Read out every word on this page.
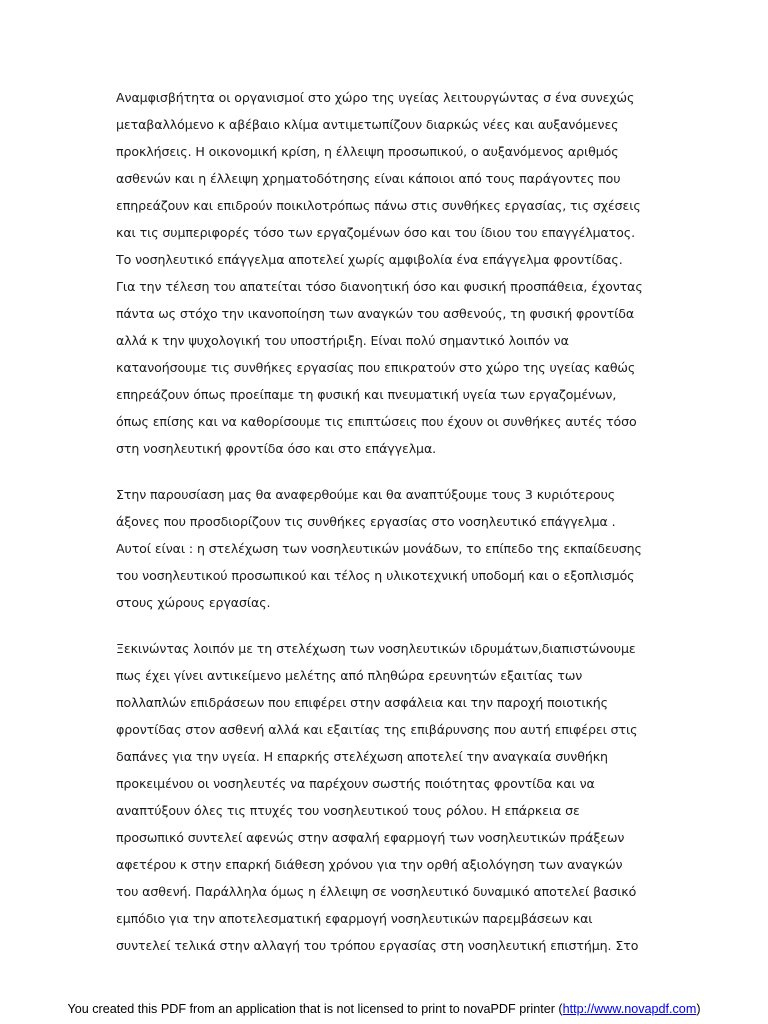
Αναμφισβήτητα οι οργανισμοί στο χώρο της υγείας λειτουργώντας σ ένα συνεχώς
μεταβαλλόμενο κ αβέβαιο κλίμα αντιμετωπίζουν διαρκώς νέες και αυξανόμενες
προκλήσεις. Η οικονομική κρίση, η έλλειψη προσωπικού, ο αυξανόμενος αριθμός
ασθενών και η έλλειψη χρηματοδότησης είναι κάποιοι από τους παράγοντες που
επηρεάζουν και επιδρούν ποικιλοτρόπως πάνω στις συνθήκες εργασίας, τις σχέσεις
και τις συμπεριφορές τόσο των εργαζομένων όσο και του ίδιου του επαγγέλματος.
Το νοσηλευτικό επάγγελμα αποτελεί χωρίς αμφιβολία ένα επάγγελμα φροντίδας.
Για την τέλεση του απατείται τόσο διανοητική όσο και φυσική προσπάθεια, έχοντας
πάντα ως στόχο την ικανοποίηση των αναγκών του ασθενούς, τη φυσική φροντίδα
αλλά κ την ψυχολογική του υποστήριξη. Είναι πολύ σημαντικό λοιπόν να
κατανοήσουμε τις συνθήκες εργασίας που επικρατούν στο χώρο της υγείας καθώς
επηρεάζουν όπως προείπαμε τη φυσική και πνευματική υγεία των εργαζομένων,
όπως επίσης και να καθορίσουμε τις επιπτώσεις που έχουν οι συνθήκες αυτές τόσο
στη νοσηλευτική φροντίδα όσο και στο επάγγελμα.
Στην παρουσίαση μας θα αναφερθούμε και θα αναπτύξουμε τους 3 κυριότερους
άξονες που προσδιορίζουν τις συνθήκες εργασίας στο νοσηλευτικό επάγγελμα .
Αυτοί είναι : η στελέχωση των νοσηλευτικών μονάδων, το επίπεδο της εκπαίδευσης
του νοσηλευτικού προσωπικού και τέλος η υλικοτεχνική υποδομή και ο εξοπλισμός
στους χώρους εργασίας.
Ξεκινώντας λοιπόν με τη στελέχωση των νοσηλευτικών ιδρυμάτων,διαπιστώνουμε
πως έχει γίνει αντικείμενο μελέτης από πληθώρα ερευνητών εξαιτίας των
πολλαπλών επιδράσεων που επιφέρει στην ασφάλεια και την παροχή ποιοτικής
φροντίδας στον ασθενή αλλά και εξαιτίας της επιβάρυνσης που αυτή επιφέρει στις
δαπάνες για την υγεία. Η επαρκής στελέχωση αποτελεί την αναγκαία συνθήκη
προκειμένου οι νοσηλευτές να παρέχουν σωστής ποιότητας φροντίδα και να
αναπτύξουν όλες τις πτυχές του νοσηλευτικού τους ρόλου. Η επάρκεια σε
προσωπικό συντελεί αφενώς στην ασφαλή εφαρμογή των νοσηλευτικών πράξεων
αφετέρου κ στην επαρκή διάθεση χρόνου για την ορθή αξιολόγηση των αναγκών
του ασθενή. Παράλληλα όμως η έλλειψη σε νοσηλευτικό δυναμικό αποτελεί βασικό
εμπόδιο για την αποτελεσματική εφαρμογή νοσηλευτικών παρεμβάσεων και
συντελεί τελικά στην αλλαγή του τρόπου εργασίας στη νοσηλευτική επιστήμη. Στο
You created this PDF from an application that is not licensed to print to novaPDF printer (http://www.novapdf.com)
